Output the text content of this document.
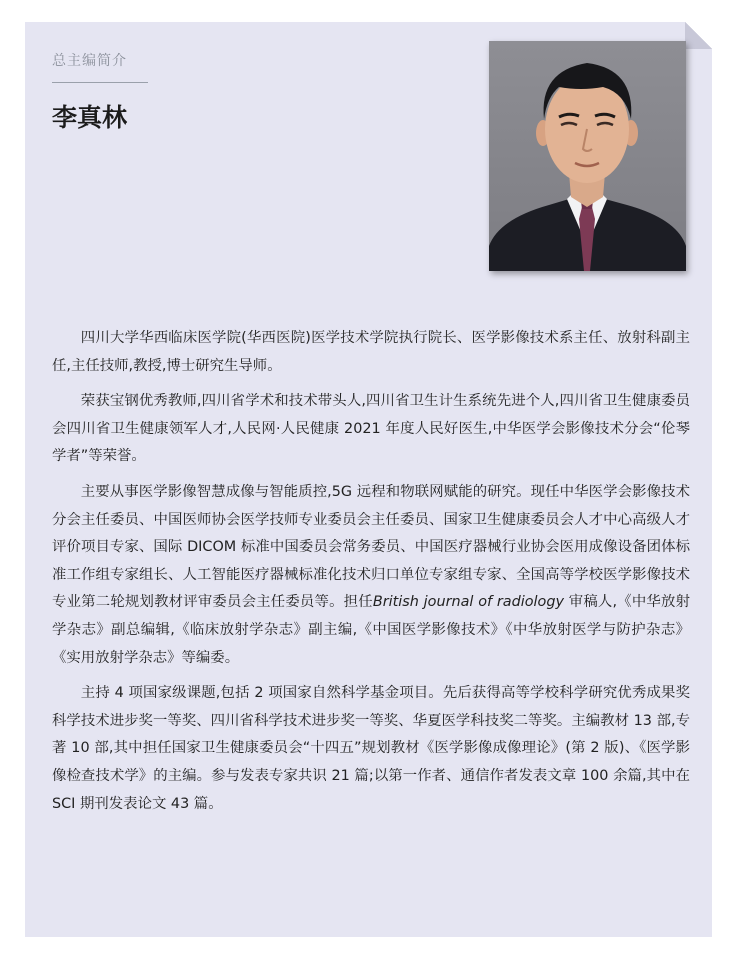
总主编简介
李真林

四川大学华西临床医学院(华西医院)医学技术学院执行院长、医学影像技术系主任、放射科副主任,主任技师,教授,博士研究生导师。

荣获宝钢优秀教师,四川省学术和技术带头人,四川省卫生计生系统先进个人,四川省卫生健康委员会四川省卫生健康领军人才,人民网·人民健康 2021 年度人民好医生,中华医学会影像技术分会“伦琴学者”等荣誉。

主要从事医学影像智慧成像与智能质控,5G 远程和物联网赋能的研究。现任中华医学会影像技术分会主任委员、中国医师协会医学技师专业委员会主任委员、国家卫生健康委员会人才中心高级人才评价项目专家、国际 DICOM 标准中国委员会常务委员、中国医疗器械行业协会医用成像设备团体标准工作组专家组长、人工智能医疗器械标准化技术归口单位专家组专家、全国高等学校医学影像技术专业第二轮规划教材评审委员会主任委员等。担任British journal of radiology 审稿人,《中华放射学杂志》副总编辑,《临床放射学杂志》副主编,《中国医学影像技术》《中华放射医学与防护杂志》《实用放射学杂志》等编委。

主持 4 项国家级课题,包括 2 项国家自然科学基金项目。先后获得高等学校科学研究优秀成果奖科学技术进步奖一等奖、四川省科学技术进步奖一等奖、华夏医学科技奖二等奖。主编教材 13 部,专著 10 部,其中担任国家卫生健康委员会“十四五”规划教材《医学影像成像理论》(第 2 版)、《医学影像检查技术学》的主编。参与发表专家共识 21 篇;以第一作者、通信作者发表文章 100 余篇,其中在 SCI 期刊发表论文 43 篇。
